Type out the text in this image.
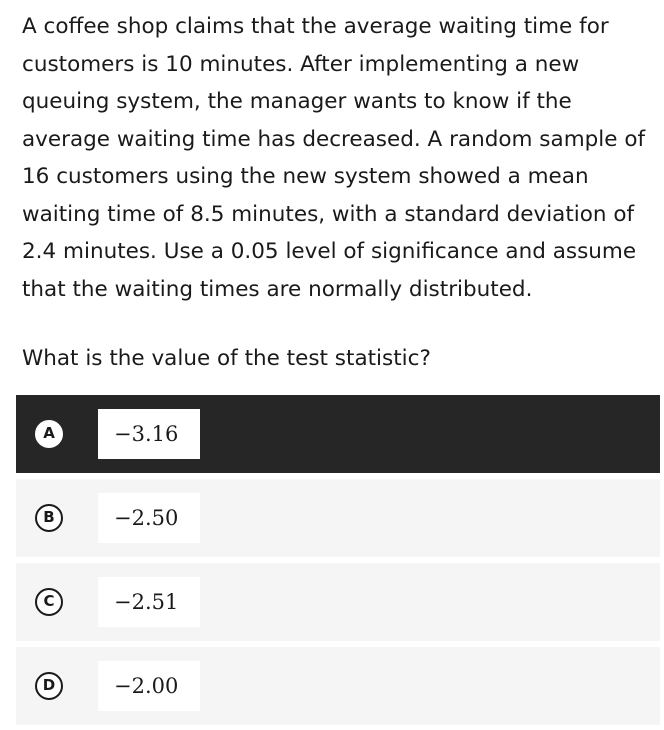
A coffee shop claims that the average waiting time for customers is 10 minutes. After implementing a new queuing system, the manager wants to know if the average waiting time has decreased. A random sample of 16 customers using the new system showed a mean waiting time of 8.5 minutes, with a standard deviation of 2.4 minutes. Use a 0.05 level of significance and assume that the waiting times are normally distributed.

What is the value of the test statistic?

A	−3.16
B	−2.50
C	−2.51
D	−2.00
